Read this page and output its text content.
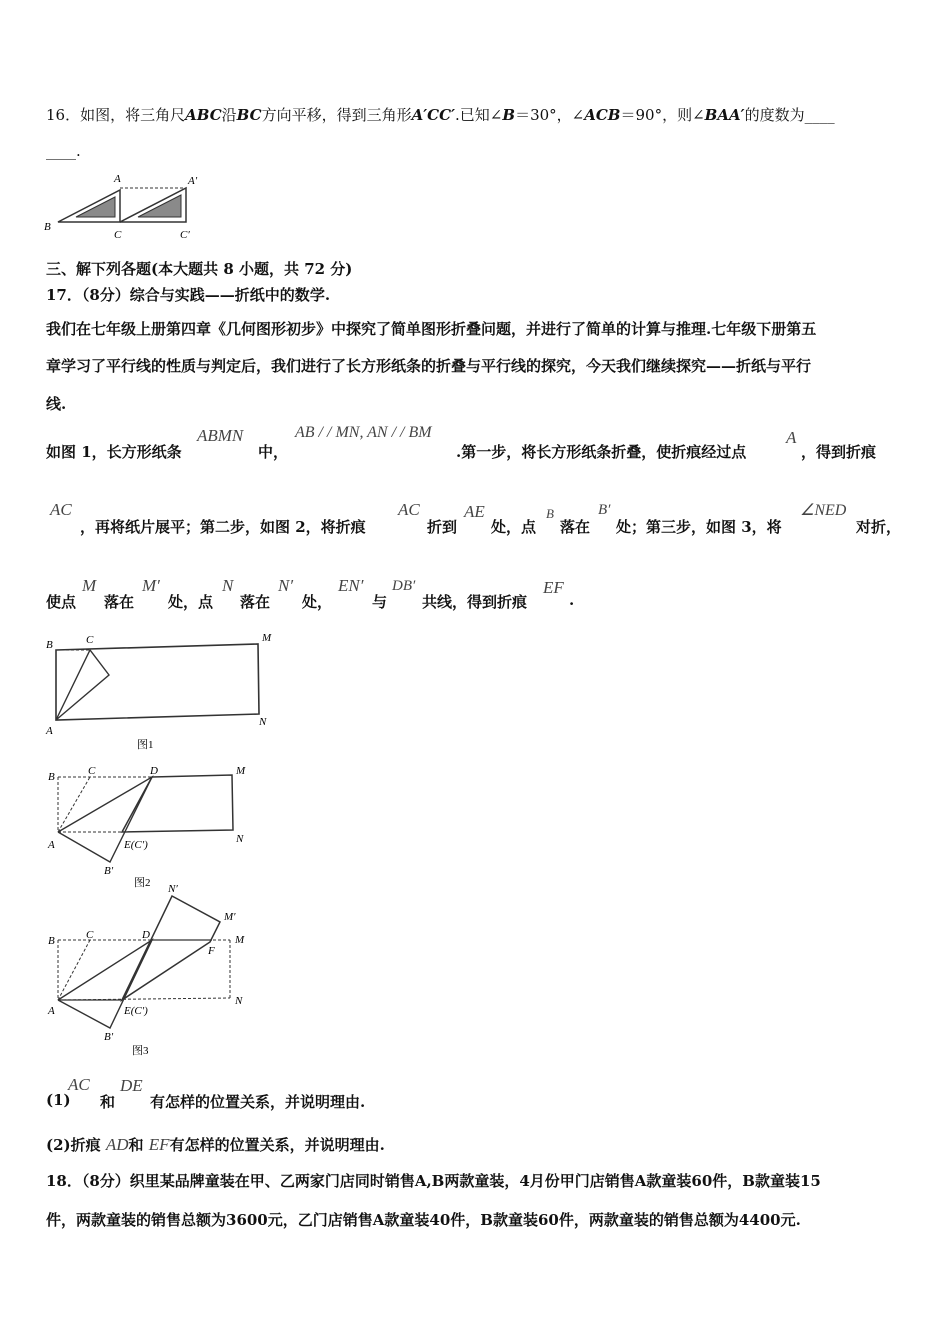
16．如图，将三角尺ABC沿BC方向平移，得到三角形A′CC′.已知∠B＝30°，∠ACB＝90°，则∠BAA′的度数为____
____.
A	A′
B
C	C′
三、解下列各题(本大题共 8 小题，共 72 分)
17．（8分）综合与实践——折纸中的数学.
我们在七年级上册第四章《几何图形初步》中探究了简单图形折叠问题，并进行了简单的计算与推理.七年级下册第五
章学习了平行线的性质与判定后，我们进行了长方形纸条的折叠与平行线的探究，今天我们继续探究——折纸与平行
线.
如图 1，长方形纸条
ABMN
中，
AB / / MN, AN / / BM
.第一步，将长方形纸条折叠，使折痕经过点
A
，得到折痕
AC
，再将纸片展平；第二步，如图 2，将折痕
AC
折到
AE
处，点
B
落在
B′
处；第三步，如图 3，将
∠NED
对折，
使点
M
落在
M′
处，点
N
落在
N′
处，
EN′
与
DB′
共线，得到折痕
EF
.
B	C	M
A
N
图1
B	C	D	M
A	E(C′)	N
B′
图2 N′
M′
B	C	D	M
F
A	E(C′)
N
B′
图3
(1)
AC
和
DE
有怎样的位置关系，并说明理由.
(2)折痕 AD和 EF有怎样的位置关系，并说明理由.
18．（8分）织里某品牌童装在甲、乙两家门店同时销售A,B两款童装，4月份甲门店销售A款童装60件，B款童装15
件，两款童装的销售总额为3600元，乙门店销售A款童装40件，B款童装60件，两款童装的销售总额为4400元.
